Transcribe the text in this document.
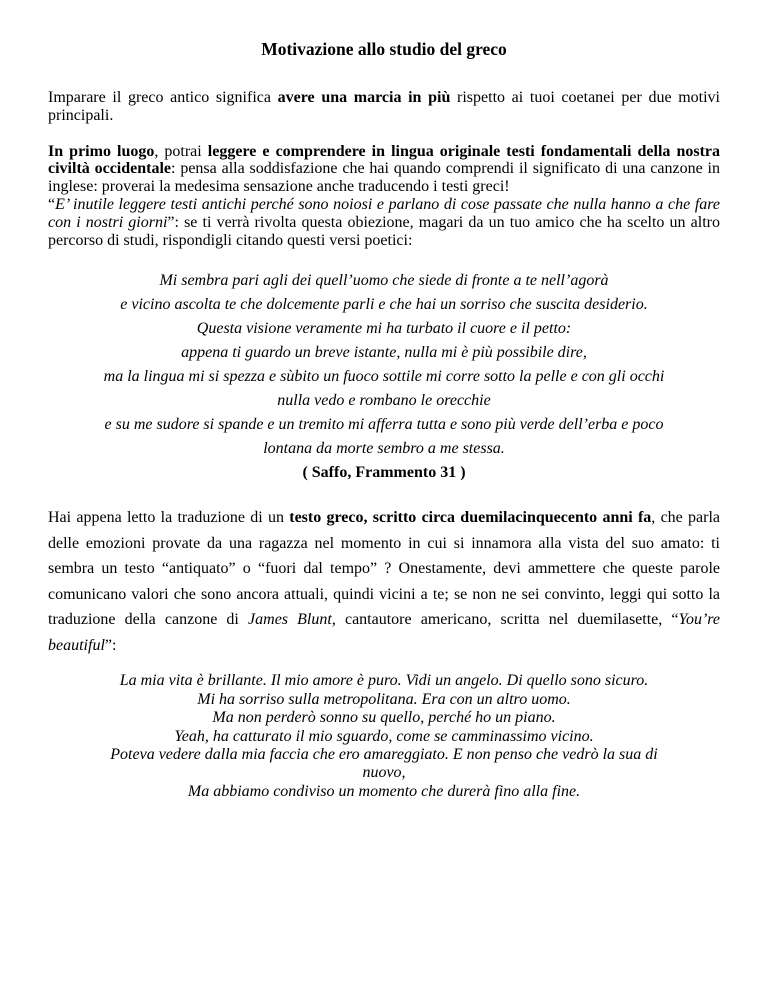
Motivazione allo studio del greco

Imparare il greco antico significa avere una marcia in più rispetto ai tuoi coetanei per due motivi principali.

In primo luogo, potrai leggere e comprendere in lingua originale testi fondamentali della nostra civiltà occidentale: pensa alla soddisfazione che hai quando comprendi il significato di una canzone in inglese: proverai la medesima sensazione anche traducendo i testi greci!
“E’ inutile leggere testi antichi perché sono noiosi e parlano di cose passate che nulla hanno a che fare con i nostri giorni”: se ti verrà rivolta questa obiezione, magari da un tuo amico che ha scelto un altro percorso di studi, rispondigli citando questi versi poetici:

Mi sembra pari agli dei quell’uomo che siede di fronte a te nell’agorà
e vicino ascolta te che dolcemente parli e che hai un sorriso che suscita desiderio.
Questa visione veramente mi ha turbato il cuore e il petto:
appena ti guardo un breve istante, nulla mi è più possibile dire,
ma la lingua mi si spezza e sùbito un fuoco sottile mi corre sotto la pelle e con gli occhi
nulla vedo e rombano le orecchie
e su me sudore si spande e un tremito mi afferra tutta e sono più verde dell’erba e poco
lontana da morte sembro a me stessa.
( Saffo, Frammento 31 )

Hai appena letto la traduzione di un testo greco, scritto circa duemilacinquecento anni fa, che parla delle emozioni provate da una ragazza nel momento in cui si innamora alla vista del suo amato: ti sembra un testo “antiquato” o “fuori dal tempo” ? Onestamente, devi ammettere che queste parole comunicano valori che sono ancora attuali, quindi vicini a te; se non ne sei convinto, leggi qui sotto la traduzione della canzone di James Blunt, cantautore americano, scritta nel duemilasette, “You’re beautiful”:

La mia vita è brillante. Il mio amore è puro. Vidi un angelo. Di quello sono sicuro.
Mi ha sorriso sulla metropolitana. Era con un altro uomo.
Ma non perderò sonno su quello, perché ho un piano.
Yeah, ha catturato il mio sguardo, come se camminassimo vicino.
Poteva vedere dalla mia faccia che ero amareggiato. E non penso che vedrò la sua di
nuovo,
Ma abbiamo condiviso un momento che durerà fino alla fine.
